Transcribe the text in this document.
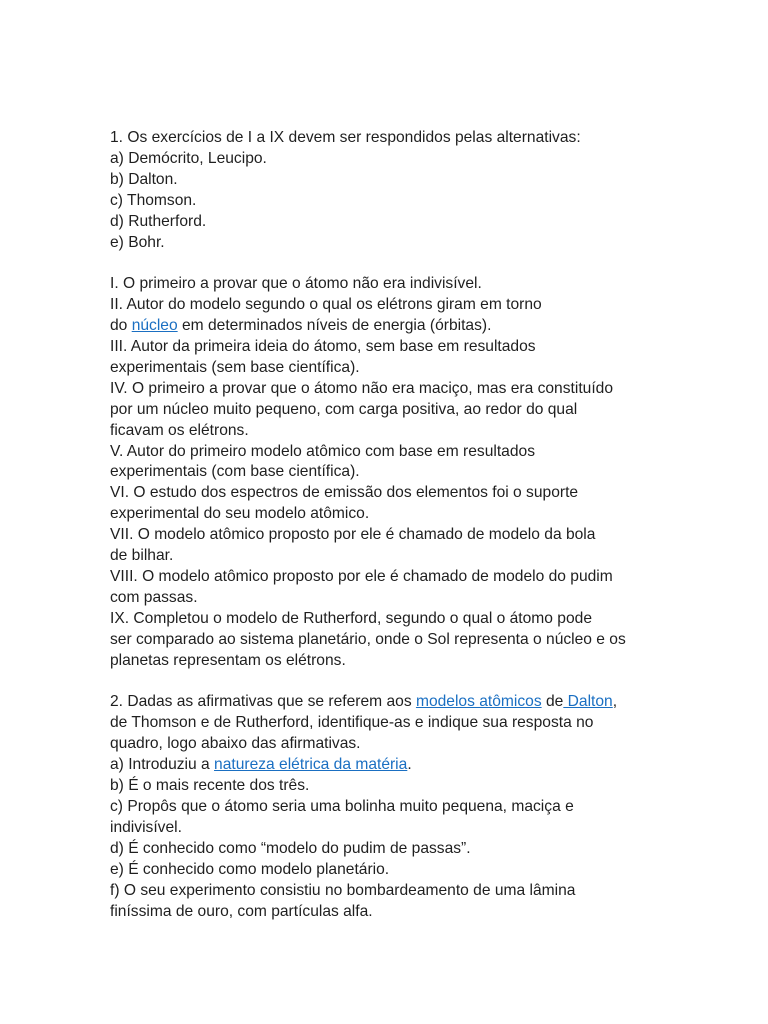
1. Os exercícios de I a IX devem ser respondidos pelas alternativas:
a) Demócrito, Leucipo.
b) Dalton.
c) Thomson.
d) Rutherford.
e) Bohr.
I. O primeiro a provar que o átomo não era indivisível.
II. Autor do modelo segundo o qual os elétrons giram em torno
do núcleo em determinados níveis de energia (órbitas).
III. Autor da primeira ideia do átomo, sem base em resultados
experimentais (sem base científica).
IV. O primeiro a provar que o átomo não era maciço, mas era constituído
por um núcleo muito pequeno, com carga positiva, ao redor do qual
ficavam os elétrons.
V. Autor do primeiro modelo atômico com base em resultados
experimentais (com base científica).
VI. O estudo dos espectros de emissão dos elementos foi o suporte
experimental do seu modelo atômico.
VII. O modelo atômico proposto por ele é chamado de modelo da bola
de bilhar.
VIII. O modelo atômico proposto por ele é chamado de modelo do pudim
com passas.
IX. Completou o modelo de Rutherford, segundo o qual o átomo pode
ser comparado ao sistema planetário, onde o Sol representa o núcleo e os
planetas representam os elétrons.
2. Dadas as afirmativas que se referem aos modelos atômicos de Dalton,
de Thomson e de Rutherford, identifique-as e indique sua resposta no
quadro, logo abaixo das afirmativas.
a) Introduziu a natureza elétrica da matéria.
b) É o mais recente dos três.
c) Propôs que o átomo seria uma bolinha muito pequena, maciça e
indivisível.
d) É conhecido como “modelo do pudim de passas”.
e) É conhecido como modelo planetário.
f) O seu experimento consistiu no bombardeamento de uma lâmina
finíssima de ouro, com partículas alfa.
